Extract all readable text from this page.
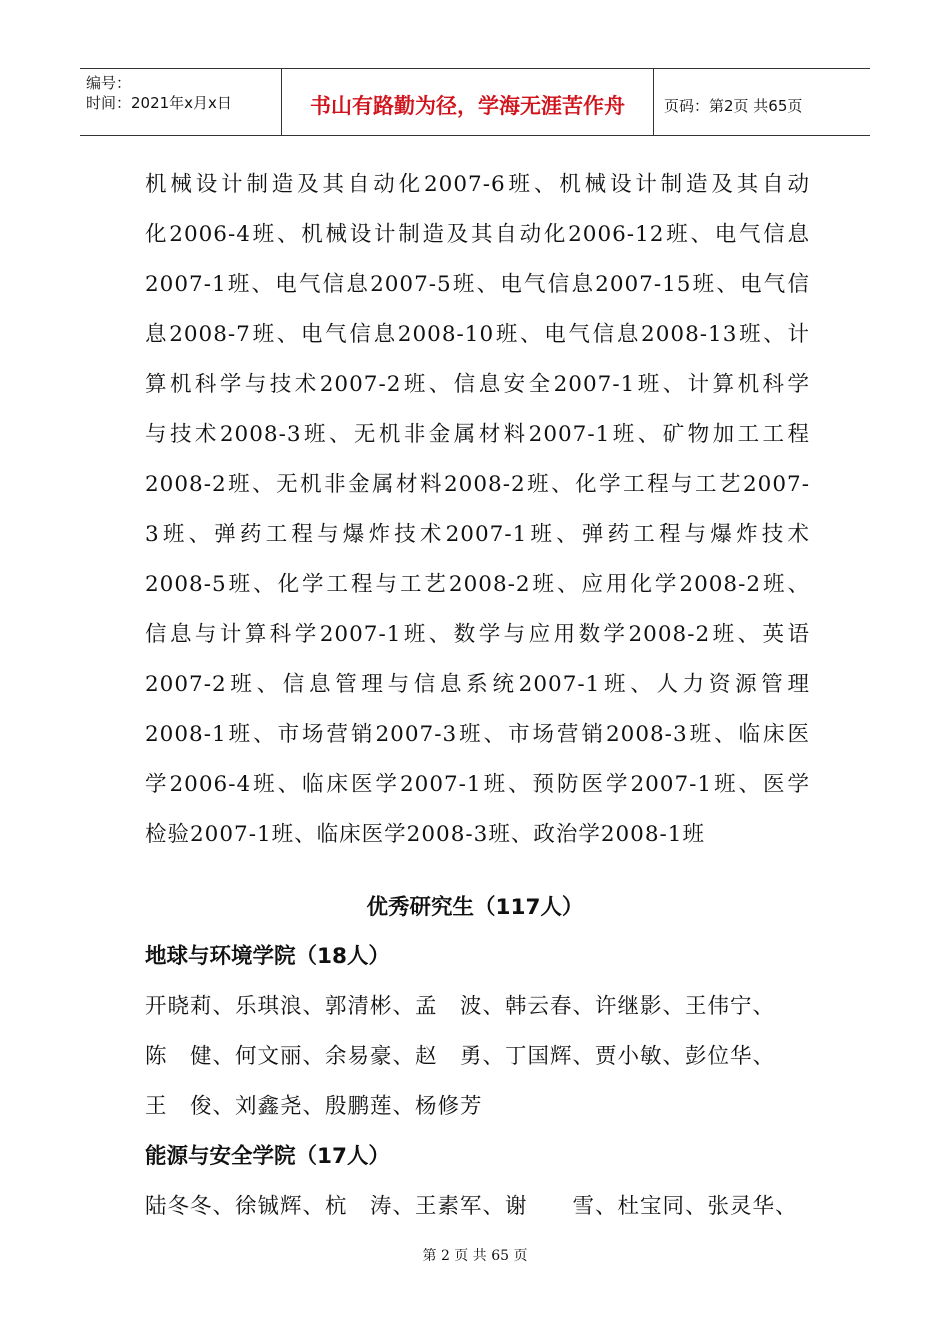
编号：
时间：2021年x月x日	书山有路勤为径，学海无涯苦作舟	页码：第2页 共65页
机械设计制造及其自动化2007-6班、机械设计制造及其自动
化2006-4班、机械设计制造及其自动化2006-12班、电气信息
2007-1班、电气信息2007-5班、电气信息2007-15班、电气信
息2008-7班、电气信息2008-10班、电气信息2008-13班、计
算机科学与技术2007-2班、信息安全2007-1班、计算机科学
与技术2008-3班、无机非金属材料2007-1班、矿物加工工程
2008-2班、无机非金属材料2008-2班、化学工程与工艺2007-
3班、弹药工程与爆炸技术2007-1班、弹药工程与爆炸技术
2008-5班、化学工程与工艺2008-2班、应用化学2008-2班、
信息与计算科学2007-1班、数学与应用数学2008-2班、英语
2007-2班、信息管理与信息系统2007-1班、人力资源管理
2008-1班、市场营销2007-3班、市场营销2008-3班、临床医
学2006-4班、临床医学2007-1班、预防医学2007-1班、医学
检验2007-1班、临床医学2008-3班、政治学2008-1班
优秀研究生（117人）
地球与环境学院（18人）
开晓莉、乐琪浪、郭清彬、孟　波、韩云春、许继影、王伟宁、
陈　健、何文丽、余易豪、赵　勇、丁国辉、贾小敏、彭位华、
王　俊、刘鑫尧、殷鹏莲、杨修芳
能源与安全学院（17人）
陆冬冬、徐铖辉、杭　涛、王素军、谢　　雪、杜宝同、张灵华、
第 2 页 共 65 页
